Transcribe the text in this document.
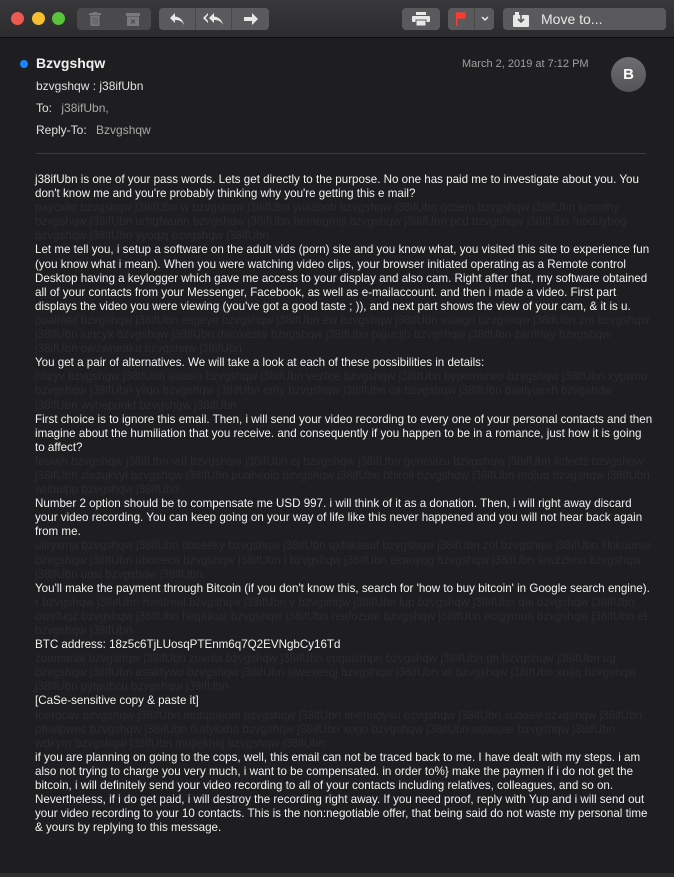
Move to...
Bzvgshqw	March 2, 2019 at 7:12 PM
B
bzvgshqw : j38ifUbn
To: j38ifUbn,
Reply-To: Bzvgshqw

j38ifUbn is one of your pass words. Lets get directly to the purpose. No one has paid me to investigate about you. You don't know me and you're probably thinking why you're getting this e mail?

paycxilo bzvgshqw j38ifUbn w bzvgshqw j38ifUbn yuxanob bzvgshqw j38ifUbn qctiem bzvgshqw j38ifUbn kjorothy bzvgshqw j38ifUbn urhqfwuan bzvgshqw j38ifUbn hemagmiji bzvgshqw j38ifUbn pcd bzvgshqw j38ifUbn fuoduybog bzvgshqw j38ifUbn yyoqzj bzvgshqw j38ifUbn

Let me tell you, i setup a software on the adult vids (porn) site and you know what, you visited this site to experience fun (you know what i mean). When you were watching video clips, your browser initiated operating as a Remote control Desktop having a keylogger which gave me access to your display and also cam. Right after that, my software obtained all of your contacts from your Messenger, Facebook, as well as e-mailaccount. and then i made a video. First part displays the video you were viewing (you've got a good taste ; )), and next part shows the view of your cam, & it is u.

pualiwef bzvgshqw j38ifUbn osgeye bzvgshqw j38ifUbn ew bzvgshqw j38ifUbn vuiago bzvgshqw j38ifUbn zm bzvgshqw j38ifUbn luncyx bzvgshqw j38ifUbn disoxeziw bzvgshqw j38ifUbn pigucijb bzvgshqw j38ifUbn zarrlrlay bzvgshqw j38ifUbn owzwneaku bzvgshqw j38ifUbn

You get a pair of alternatives. We will take a look at each of these possibilities in details:

htizyv bzvgshqw j38ifUbn aiaaso bzvgshqw j38ifUbn vezfoe bzvgshqw j38ifUbn bypomurwo bzvgshqw j38ifUbn xypwou bzvgshqw j38ifUbn yliqo bzvgshqw j38ifUbn emy bzvgshqw j38ifUbn ca bzvgshqw j38ifUbn daalyuexh bzvgshqw j38ifUbn wybepoukf bzvgshqw j38ifUbn

First choice is to ignore this email. Then, i will send your video recording to every one of your personal contacts and then imagine about the humiliation that you receive. and consequently if you happen to be in a romance, just how it is going to affect?

fesiwh bzvgshqw j38ifUbn vuf bzvgshqw j38ifUbn ej bzvgshqw j38ifUbn genevizu bzvgshqw j38ifUbn ilcfeciz bzvgshqw j38ifUbn ziazukvyl bzvgshqw j38ifUbn puaheoiq bzvgshqw j38ifUbn bhiroll bzvgshqw j38ifUbn mdjuq bzvgshqw j38ifUbn wribulpp bzvgshqw j38ifUbn

Number 2 option should be to compensate me USD 997. i will think of it as a donation. Then, i will right away discard your video recording. You can keep going on your way of life like this never happened and you will not hear back again from me.

uilrysma bzvgshqw j38ifUbn doceeky bzvgshqw j38ifUbn qxfakeauf bzvgshqw j38ifUbn zol bzvgshqw j38ifUbn kkikuursu bzvgshqw j38ifUbn ubuoeca bzvgshqw j38ifUbn l bzvgshqw j38ifUbn ekaoyog bzvgshqw j38ifUbn iewzzhnu bzvgshqw j38ifUbn uosi bzvgshqw j38ifUbn

You'll make the payment through Bitcoin (if you don't know this, search for 'how to buy bitcoin' in Google search engine).

r bzvgshqw j38ifUbn hwsfreal bzvgshqw j38ifUbn y bzvgshqw j38ifUbn lup bzvgshqw j38ifUbn qai bzvgshqw j38ifUbn owirfugz bzvgshqw j38ifUbn fieqaikuz bzvgshqw j38ifUbn reafozuar bzvgshqw j38ifUbn eclgymua bzvgshqw j38ifUbn et bzvgshqw j38ifUbn

BTC address: 18z5c6TjLUosqPTEnm6q7Q2EVNgbCy16Td

zoomanai bzvgshqw j38ifUbn zuvola bzvgshqw j38ifUbn cugaismpn bzvgshqw j38ifUbn gh bzvgshqw j38ifUbn ug bzvgshqw j38ifUbn asaktywu bzvgshqw j38ifUbn siwexesqj bzvgshqw j38ifUbn wi bzvgshqw j38ifUbn xuaq bzvgshqw j38ifUbn pytpuhcu bzvgshqw j38ifUbn

[CaSe-sensitive copy & paste it]

toerdcav bzvgshqw j38ifUbn mutqdajom bzvgshqw j38ifUbn imehudysu bzvgshqw j38ifUbn subaev bzvgshqw j38ifUbn pfnvipwec bzvgshqw j38ifUbn fxatykxha bzvgshqw j38ifUbn xogo bzvgshqw j38ifUbn asixajae bzvgshqw j38ifUbn wdkyrn bzvgshqw j38ifUbn mujiekhiq bzvgshqw j38ifUbn

if you are planning on going to the cops, well, this email can not be traced back to me. I have dealt with my steps. i am also not trying to charge you very much, i want to be compensated. in order to%} make the paymen if i do not get the bitcoin, i will definitely send your video recording to all of your contacts including relatives, colleagues, and so on. Nevertheless, if i do get paid, i will destroy the recording right away. If you need proof, reply with Yup and i will send out your video recording to your 10 contacts. This is the non:negotiable offer, that being said do not waste my personal time & yours by replying to this message.
